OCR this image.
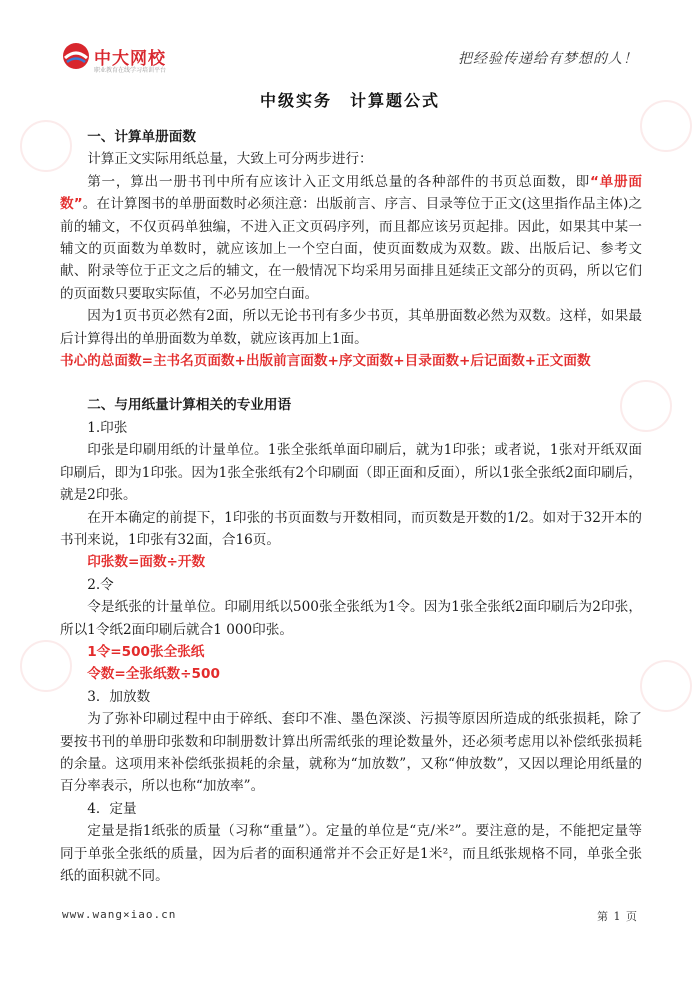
中大网校
职业教育在线学习培训平台
把经验传递给有梦想的人！
中级实务　计算题公式

一、计算单册面数

计算正文实际用纸总量，大致上可分两步进行：

第一，算出一册书刊中所有应该计入正文用纸总量的各种部件的书页总面数，即“单册面数”。在计算图书的单册面数时必须注意：出版前言、序言、目录等位于正文(这里指作品主体)之前的辅文，不仅页码单独编，不进入正文页码序列，而且都应该另页起排。因此，如果其中某一辅文的页面数为单数时，就应该加上一个空白面，使页面数成为双数。跋、出版后记、参考文献、附录等位于正文之后的辅文，在一般情况下均采用另面排且延续正文部分的页码，所以它们的页面数只要取实际值，不必另加空白面。

因为1页书页必然有2面，所以无论书刊有多少书页，其单册面数必然为双数。这样，如果最后计算得出的单册面数为单数，就应该再加上1面。

书心的总面数=主书名页面数+出版前言面数+序文面数+目录面数+后记面数+正文面数

二、与用纸量计算相关的专业用语

1.印张

印张是印刷用纸的计量单位。1张全张纸单面印刷后，就为1印张；或者说，1张对开纸双面印刷后，即为1印张。因为1张全张纸有2个印刷面（即正面和反面），所以1张全张纸2面印刷后，就是2印张。

在开本确定的前提下，1印张的书页面数与开数相同，而页数是开数的1/2。如对于32开本的书刊来说，1印张有32面，合16页。

印张数=面数÷开数

2.令

令是纸张的计量单位。印刷用纸以500张全张纸为1令。因为1张全张纸2面印刷后为2印张，所以1令纸2面印刷后就合1 000印张。

1令=500张全张纸

令数=全张纸数÷500

3．加放数

为了弥补印刷过程中由于碎纸、套印不准、墨色深淡、污损等原因所造成的纸张损耗，除了要按书刊的单册印张数和印制册数计算出所需纸张的理论数量外，还必须考虑用以补偿纸张损耗的余量。这项用来补偿纸张损耗的余量，就称为“加放数”，又称“伸放数”，又因以理论用纸量的百分率表示，所以也称“加放率”。

4．定量

定量是指1纸张的质量（习称“重量”）。定量的单位是“克/米²”。要注意的是，不能把定量等同于单张全张纸的质量，因为后者的面积通常并不会正好是1米²，而且纸张规格不同，单张全张纸的面积就不同。

www.wang×iao.cn	第 1 页
